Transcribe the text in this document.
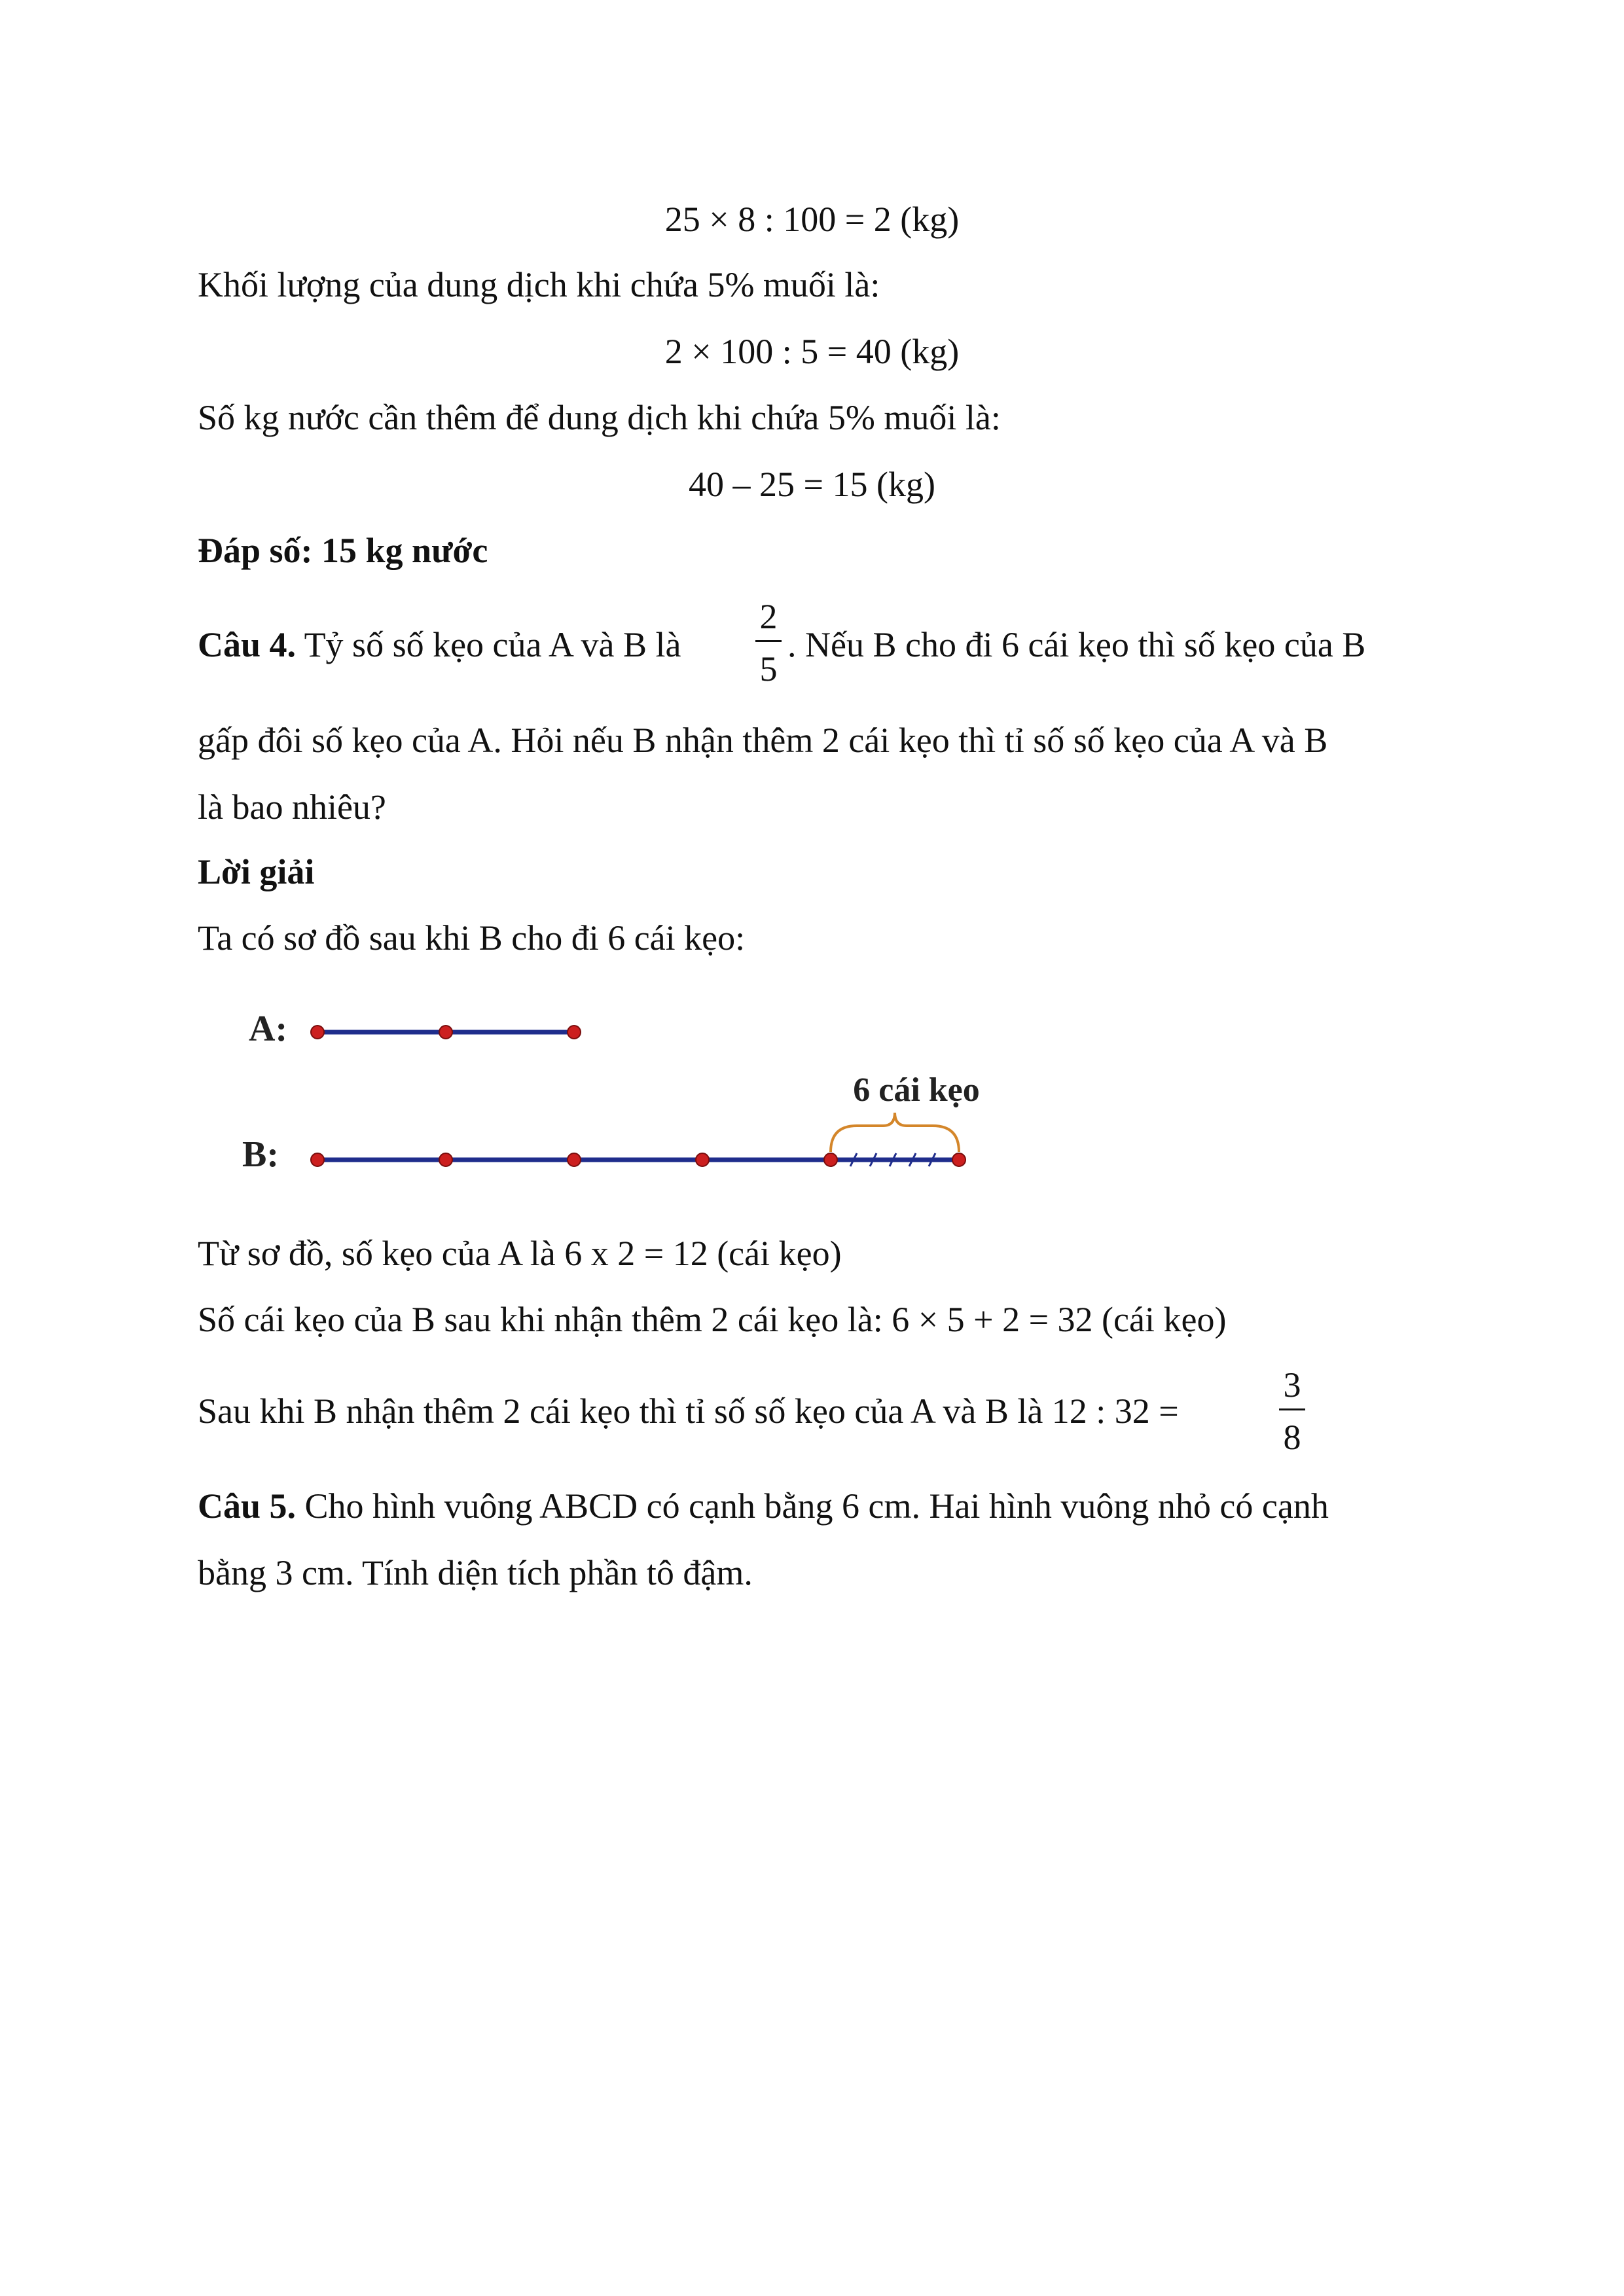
25 × 8 : 100 = 2 (kg)
Khối lượng của dung dịch khi chứa 5% muối là:
2 × 100 : 5 = 40 (kg)
Số kg nước cần thêm để dung dịch khi chứa 5% muối là:
40 – 25 = 15 (kg)
Đáp số: 15 kg nước
Câu 4. Tỷ số số kẹo của A và B là
2
5
. Nếu B cho đi 6 cái kẹo thì số kẹo của B
gấp đôi số kẹo của A. Hỏi nếu B nhận thêm 2 cái kẹo thì tỉ số số kẹo của A và B
là bao nhiêu?
Lời giải
Ta có sơ đồ sau khi B cho đi 6 cái kẹo:
A:
B:
6 cái kẹo
Từ sơ đồ, số kẹo của A là 6 x 2 = 12 (cái kẹo)
Số cái kẹo của B sau khi nhận thêm 2 cái kẹo là: 6 × 5 + 2 = 32 (cái kẹo)
Sau khi B nhận thêm 2 cái kẹo thì tỉ số số kẹo của A và B là 12 : 32 =
3
8
Câu 5. Cho hình vuông ABCD có cạnh bằng 6 cm. Hai hình vuông nhỏ có cạnh
bằng 3 cm. Tính diện tích phần tô đậm.
